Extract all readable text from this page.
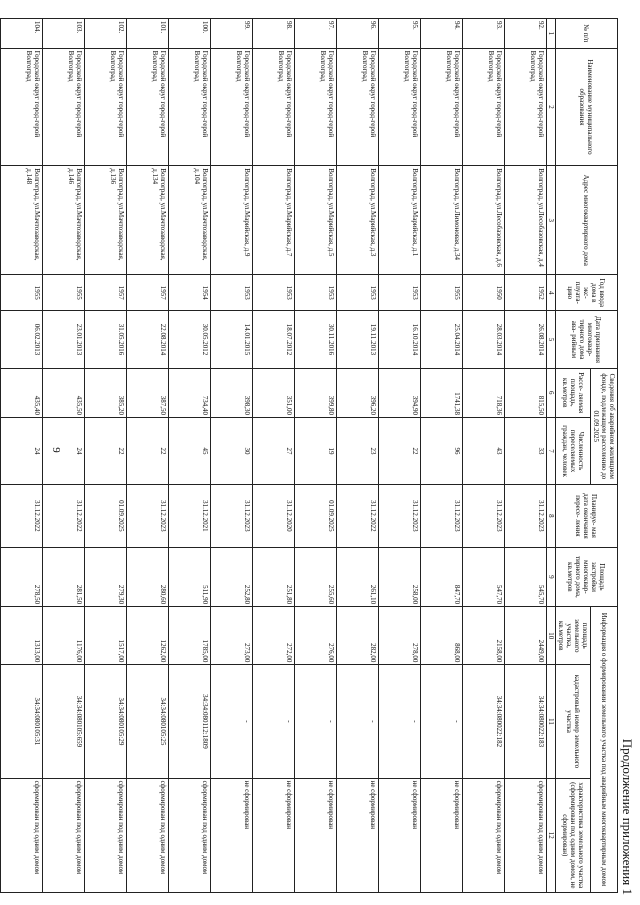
9
Продолжение приложения 1
№ п/п	Наименование муниципального образования	Адрес многоквартирного дома	Год ввода дома в экс- плуата- цию	Дата признания многоквар- тирного дома ава- рийным	Сведения об аварийном жилищном фонде, подлежащем расселению до 01.09.2025		Планируе- мая дата окончания пересе- ления	Площадь застройки многоквар- тирного дома, кв.метров	Информация о формировании земельного участка под аварийным многоквартирным домом		
					Рассе- ляемая площадь, кв.метров	Численность переселяемых граждан, человек			площадь земельного участка, кв.метров	кадастровый номер земельного участка	характеристика земельного участка (сформирован под одним домом, не сформирован)
1	2	3	4	5	6	7	8	9	10	11	12
92.	Городской округ город-герой Волгоград	Волгоград, ул.Лесобазовская, д.4	1952	26.08.2014	815,50	33	31.12.2023	545,70	2449,00	34:34:080022:183	сформирован под одним домом
93.	Городской округ город-герой Волгоград	Волгоград, ул.Лесобазовская, д.6	1950	28.03.2014	718,36	43	31.12.2023	547,70	2158,00	34:34:080022:182	сформирован под одним домом
94.	Городской округ город-герой Волгоград	Волгоград, ул.Лимоновая, д.34	1955	25.04.2014	1741,38	96	31.12.2023	847,70	868,00	-	не сформирован
95.	Городской округ город-герой Волгоград	Волгоград, ул.Марийская, д.1	1953	16.10.2014	394,90	22	31.12.2023	258,00	278,00	-	не сформирован
96.	Городской округ город-герой Волгоград	Волгоград, ул.Марийская, д.3	1953	19.11.2013	396,20	23	31.12.2022	261,10	282,00	-	не сформирован
97.	Городской округ город-герой Волгоград	Волгоград, ул.Марийская, д.5	1953	30.11.2016	399,80	19	01.09.2025	255,60	276,00	-	не сформирован
98.	Городской округ город-герой Волгоград	Волгоград, ул.Марийская, д.7	1953	18.07.2012	351,00	27	31.12.2020	251,80	272,00	-	не сформирован
99.	Городской округ город-герой Волгоград	Волгоград, ул.Марийская, д.9	1953	14.01.2015	398,30	30	31.12.2023	252,80	273,00	-	не сформирован
100.	Городской округ город-герой Волгоград	Волгоград, ул.Мачтозаводская, д.104	1954	30.05.2012	734,40	45	31.12.2021	511,90	1785,00	34:34:080112:1809	сформирован под одним домом
101.	Городской округ город-герой Волгоград	Волгоград, ул.Мачтозаводская, д.134	1957	22.08.2014	387,50	22	31.12.2023	280,60	1262,00	34:34:080105:25	сформирован под одним домом
102.	Городской округ город-герой Волгоград	Волгоград, ул.Мачтозаводская, д.136	1957	31.05.2016	385,20	22	01.09.2025	279,30	1517,00	34:34:080105:29	сформирован под одним домом
103.	Городской округ город-герой Волгоград	Волгоград, ул.Мачтозаводская, д.146	1955	23.01.2013	435,50	24	31.12.2022	281,50	1176,00	34:34:080105:659	сформирован под одним домом
104.	Городской округ город-герой Волгоград	Волгоград, ул.Мачтозаводская, д.148	1955	06.02.2013	435,40	24	31.12.2022	278,50	1313,00	34:34:080105:31	сформирован под одним домом
